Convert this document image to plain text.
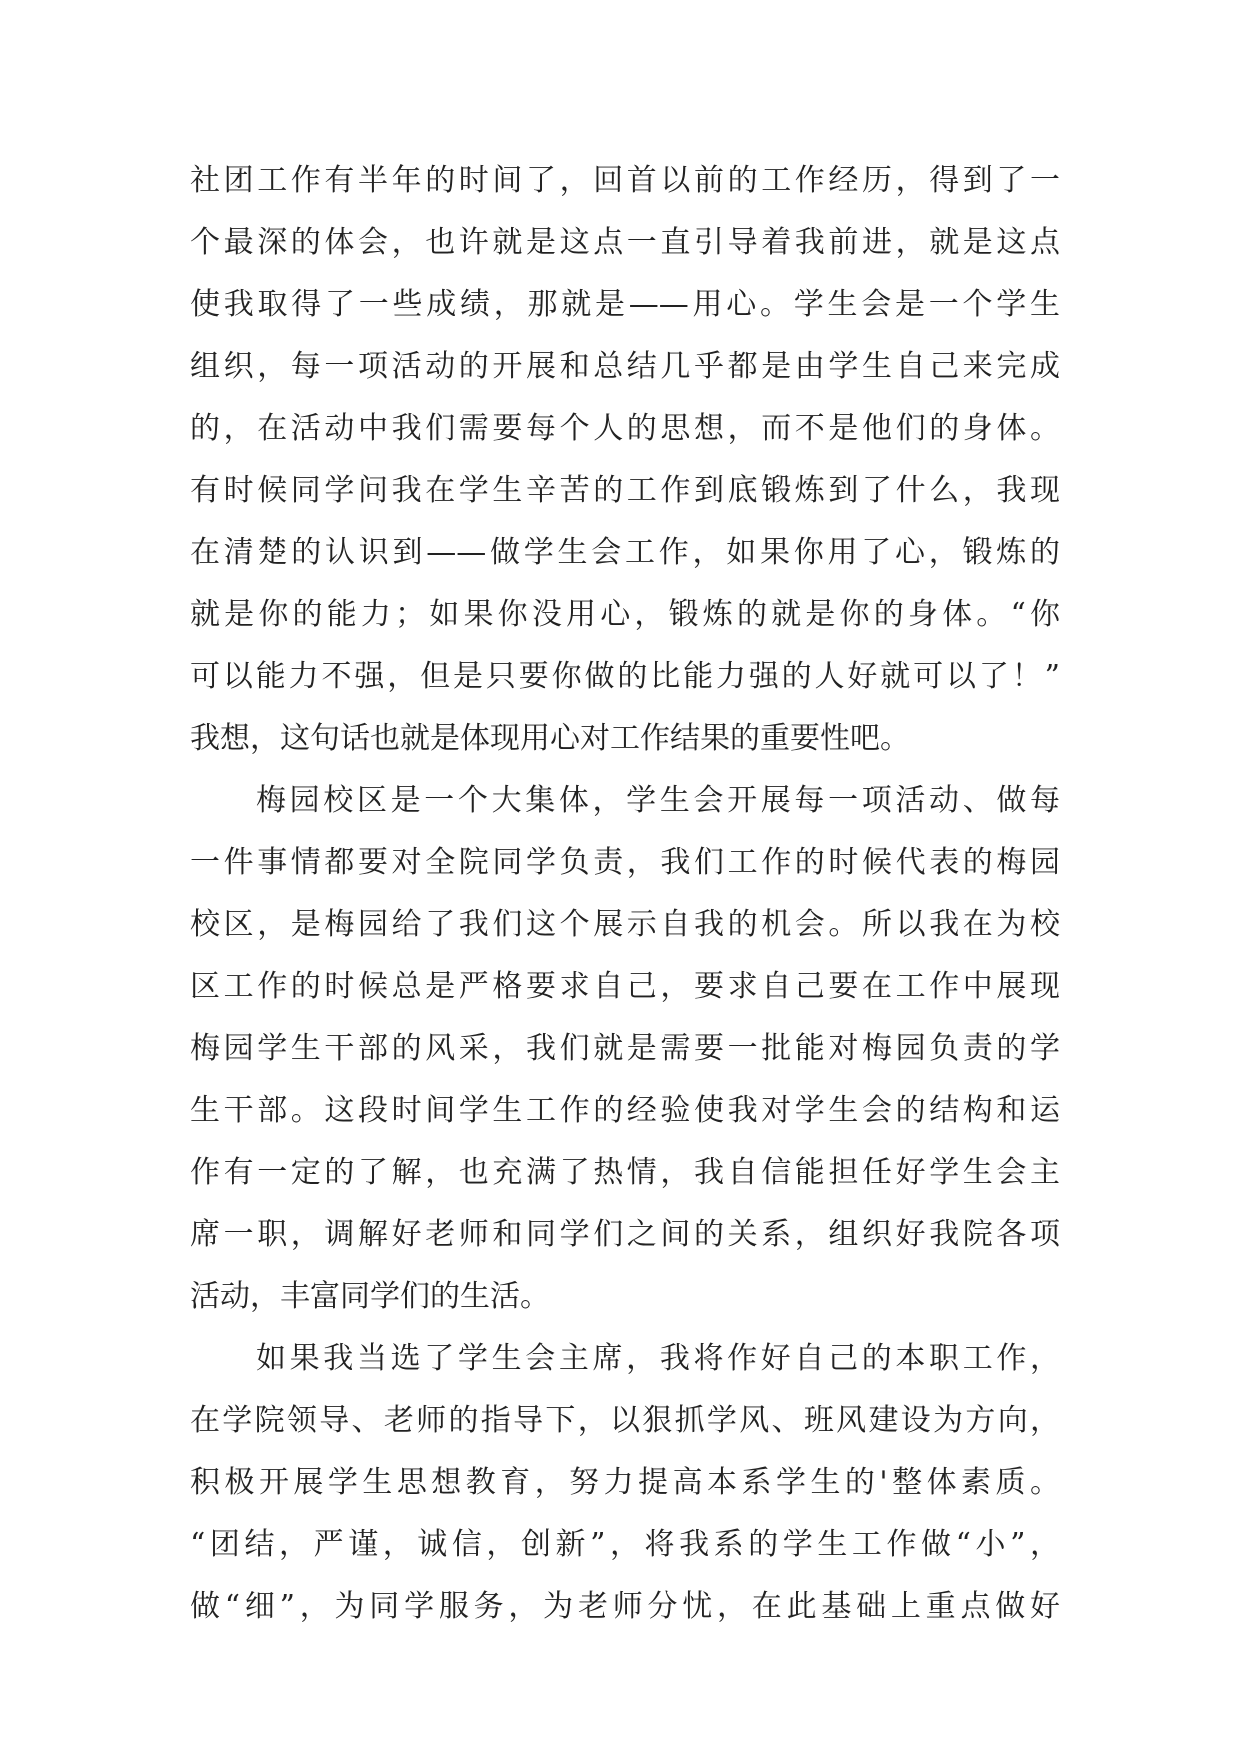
社团工作有半年的时间了，回首以前的工作经历，得到了一
个最深的体会，也许就是这点一直引导着我前进，就是这点
使我取得了一些成绩，那就是——用心。学生会是一个学生
组织，每一项活动的开展和总结几乎都是由学生自己来完成
的，在活动中我们需要每个人的思想，而不是他们的身体。
有时候同学问我在学生辛苦的工作到底锻炼到了什么，我现
在清楚的认识到——做学生会工作，如果你用了心，锻炼的
就是你的能力；如果你没用心，锻炼的就是你的身体。“你
可以能力不强，但是只要你做的比能力强的人好就可以了！”
我想，这句话也就是体现用心对工作结果的重要性吧。
梅园校区是一个大集体，学生会开展每一项活动、做每
一件事情都要对全院同学负责，我们工作的时候代表的梅园
校区，是梅园给了我们这个展示自我的机会。所以我在为校
区工作的时候总是严格要求自己，要求自己要在工作中展现
梅园学生干部的风采，我们就是需要一批能对梅园负责的学
生干部。这段时间学生工作的经验使我对学生会的结构和运
作有一定的了解，也充满了热情，我自信能担任好学生会主
席一职，调解好老师和同学们之间的关系，组织好我院各项
活动，丰富同学们的生活。
如果我当选了学生会主席，我将作好自己的本职工作，
在学院领导、老师的指导下，以狠抓学风、班风建设为方向，
积极开展学生思想教育，努力提高本系学生的'整体素质。
“团结，严谨，诚信，创新”，将我系的学生工作做“小”，
做“细”，为同学服务，为老师分忧，在此基础上重点做好
